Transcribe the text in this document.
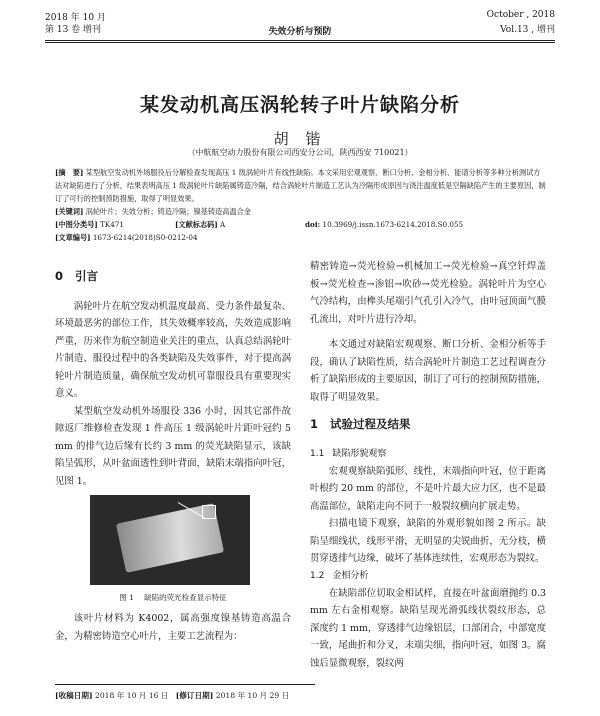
2018 年 10 月
第 13 卷 增刊	失效分析与预防
October , 2018
Vol.13 , 增刊
某发动机高压涡轮转子叶片缺陷分析
胡 锴
（中航航空动力股份有限公司西安分公司，陕西西安 710021）

[摘　要] 某型航空发动机外场服役后分解检查发现高压 1 级涡轮叶片有线性缺陷。本文采用宏观观察、断口分析、金相分析、能谱分析等多种分析测试方法对缺陷进行了分析，结果表明高压 1 级涡轮叶片缺陷属铸造冷隔，结合涡轮叶片制造工艺认为冷隔形成原因与浇注温度低是空隔缺陷产生的主要原因，制订了可行的控制预防措施，取得了明显效果。

[关键词] 涡轮叶片；失效分析；铸造冷隔；镍基铸造高温合金

[中图分类号] TK471	[文献标志码] A	doi: 10.3969/j.issn.1673-6214.2018.S0.055
[文章编号] 1673-6214(2018)S0-0212-04
0 引言

涡轮叶片在航空发动机温度最高、受力条件最复杂、环境最恶劣的部位工作，其失效概率较高，失效造成影响严重，历来作为航空制造业关注的重点，认真总结涡轮叶片制造、服役过程中的各类缺陷及失效事件，对于提高涡轮叶片制造质量，确保航空发动机可靠服役具有重要现实意义。

某型航空发动机外场服役 336 小时，因其它部件故障返厂维修检查发现 1 件高压 1 级涡轮叶片距叶冠约 5 mm 的排气边后缘有长约 3 mm 的荧光缺陷显示，该缺陷呈弧形，从叶盆面透性到叶背面，缺陷末端指向叶冠，见图 1。

图 1 缺陷的荧光检查显示特征

该叶片材料为 K4002，属高强度镍基铸造高温合金，为精密铸造空心叶片，主要工艺流程为：

精密铸造→荧光检验→机械加工→荧光检验→真空钎焊盖板→荧光检查→渗铝→吹砂→荧光检验。涡轮叶片为空心气冷结构，由榫头尾端引气孔引入冷气，由叶冠顶面气膜孔流出，对叶片进行冷却。

本文通过对缺陷宏观观察、断口分析、金相分析等手段，确认了缺陷性质，结合涡轮叶片制造工艺过程调查分析了缺陷形成的主要原因，制订了可行的控制预防措施，取得了明显效果。

1 试验过程及结果
1.1 缺陷形貌观察

宏观观察缺陷弧形、线性，末端指向叶冠，位于距离叶根约 20 mm 的部位，不是叶片最大应力区，也不是最高温部位，缺陷走向不同于一般裂纹横向扩展走势。

扫描电镜下观察，缺陷的外观形貌如图 2 所示。缺陷呈细线状，线形平滑，无明显的尖锐曲折，无分枝，横贯穿透排气边缘，破坏了基体连续性，宏观形态为裂纹。

1.2 金相分析

在缺陷部位切取金相试样，直接在叶盆面磨抛约 0.3 mm 左右金相观察。缺陷呈现光滑弧线状裂纹形态，总深度约 1 mm，穿透排气边缘铝层，口部闭合，中部宽度一致，尾曲折和分叉，末端尖细，指向叶冠，如图 3。腐蚀后显微观察，裂纹两

[收稿日期] 2018 年 10 月 16 日 [修订日期] 2018 年 10 月 29 日
